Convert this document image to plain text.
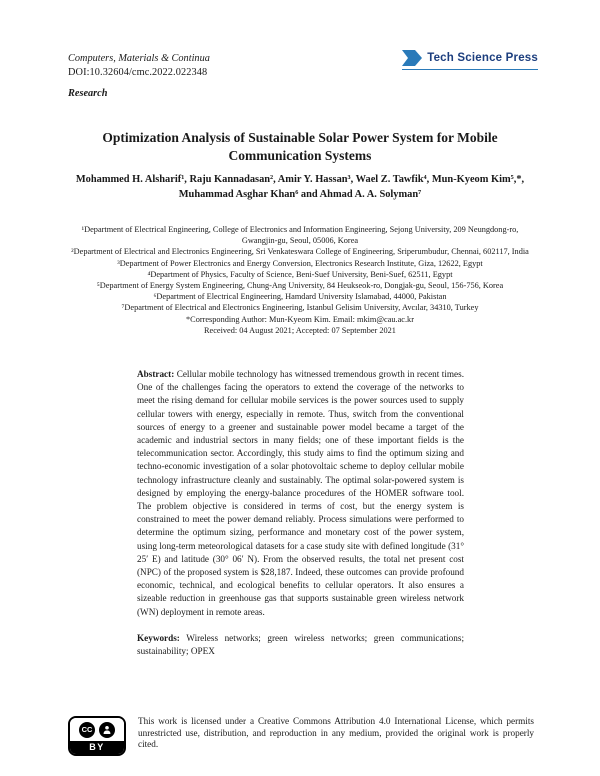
Computers, Materials & Continua
DOI:10.32604/cmc.2022.022348
Research
Tech Science Press
Optimization Analysis of Sustainable Solar Power System for Mobile Communication Systems
Mohammed H. Alsharif¹, Raju Kannadasan², Amir Y. Hassan³, Wael Z. Tawfik⁴, Mun-Kyeom Kim⁵,*,
Muhammad Asghar Khan⁶ and Ahmad A. A. Solyman⁷
¹Department of Electrical Engineering, College of Electronics and Information Engineering, Sejong University, 209 Neungdong-ro, Gwangjin-gu, Seoul, 05006, Korea
²Department of Electrical and Electronics Engineering, Sri Venkateswara College of Engineering, Sriperumbudur, Chennai, 602117, India
³Department of Power Electronics and Energy Conversion, Electronics Research Institute, Giza, 12622, Egypt
⁴Department of Physics, Faculty of Science, Beni-Suef University, Beni-Suef, 62511, Egypt
⁵Department of Energy System Engineering, Chung-Ang University, 84 Heukseok-ro, Dongjak-gu, Seoul, 156-756, Korea
⁶Department of Electrical Engineering, Hamdard University Islamabad, 44000, Pakistan
⁷Department of Electrical and Electronics Engineering, Istanbul Gelisim University, Avcılar, 34310, Turkey
*Corresponding Author: Mun-Kyeom Kim. Email: mkim@cau.ac.kr
Received: 04 August 2021; Accepted: 07 September 2021

Abstract: Cellular mobile technology has witnessed tremendous growth in recent times. One of the challenges facing the operators to extend the coverage of the networks to meet the rising demand for cellular mobile services is the power sources used to supply cellular towers with energy, especially in remote. Thus, switch from the conventional sources of energy to a greener and sustainable power model became a target of the academic and industrial sectors in many fields; one of these important fields is the telecommunication sector. Accordingly, this study aims to find the optimum sizing and techno-economic investigation of a solar photovoltaic scheme to deploy cellular mobile technology infrastructure cleanly and sustainably. The optimal solar-powered system is designed by employing the energy-balance procedures of the HOMER software tool. The problem objective is considered in terms of cost, but the energy system is constrained to meet the power demand reliably. Process simulations were performed to determine the optimum sizing, performance and monetary cost of the power system, using long-term meteorological datasets for a case study site with defined longitude (31° 25′ E) and latitude (30° 06′ N). From the observed results, the total net present cost (NPC) of the proposed system is $28,187. Indeed, these outcomes can provide profound economic, technical, and ecological benefits to cellular operators. It also ensures a sizeable reduction in greenhouse gas that supports sustainable green wireless network (WN) deployment in remote areas.

Keywords: Wireless networks; green wireless networks; green communications; sustainability; OPEX

CC
BY
This work is licensed under a Creative Commons Attribution 4.0 International License, which permits unrestricted use, distribution, and reproduction in any medium, provided the original work is properly cited.
